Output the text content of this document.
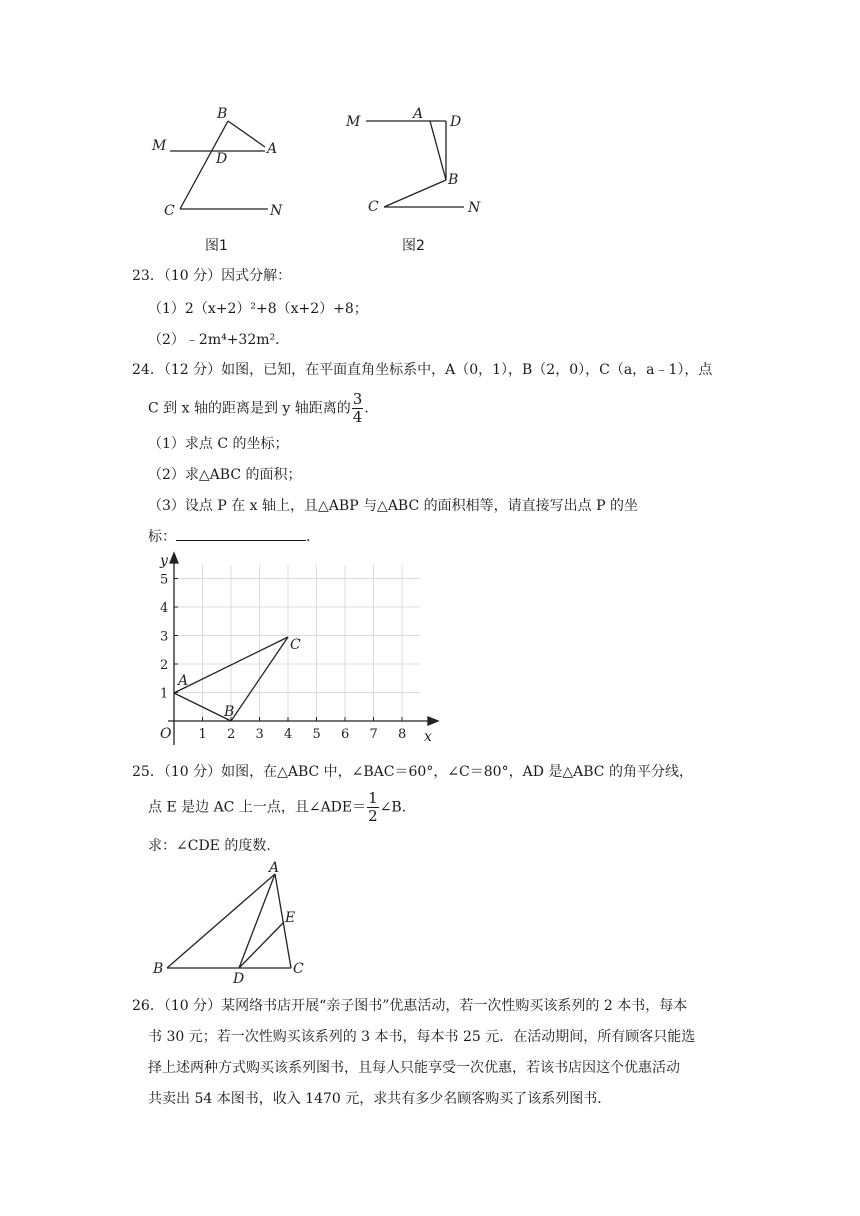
B
M
D
A
C	N
图1
M	A D
B
C	N
图2
23．（10 分）因式分解：
（1）2（x+2）²+8（x+2）+8；
（2）﹣2m⁴+32m²．
24．（12 分）如图，已知，在平面直角坐标系中，A（0，1），B（2，0），C（a，a﹣1），点
C 到 x 轴的距离是到 y 轴距离的 $\frac{3}{4}$ .
（1）求点 C 的坐标；
（2）求△ABC 的面积；
（3）设点 P 在 x 轴上，且△ABP 与△ABC 的面积相等，请直接写出点 P 的坐
标：	.
1 2 3 4 5 6 7 8
1
2
3
4
5
y
x
O
A
B
C
25．（10 分）如图，在△ABC 中，∠BAC＝60°，∠C＝80°，AD 是△ABC 的角平分线，
点 E 是边 AC 上一点，且∠ADE＝ $\frac{1}{2}$ ∠B.
求：∠CDE 的度数.
A
E
B
D
C
26．（10 分）某网络书店开展“亲子图书”优惠活动，若一次性购买该系列的 2 本书，每本
书 30 元；若一次性购买该系列的 3 本书，每本书 25 元．在活动期间，所有顾客只能选
择上述两种方式购买该系列图书，且每人只能享受一次优惠，若该书店因这个优惠活动
共卖出 54 本图书，收入 1470 元，求共有多少名顾客购买了该系列图书.
